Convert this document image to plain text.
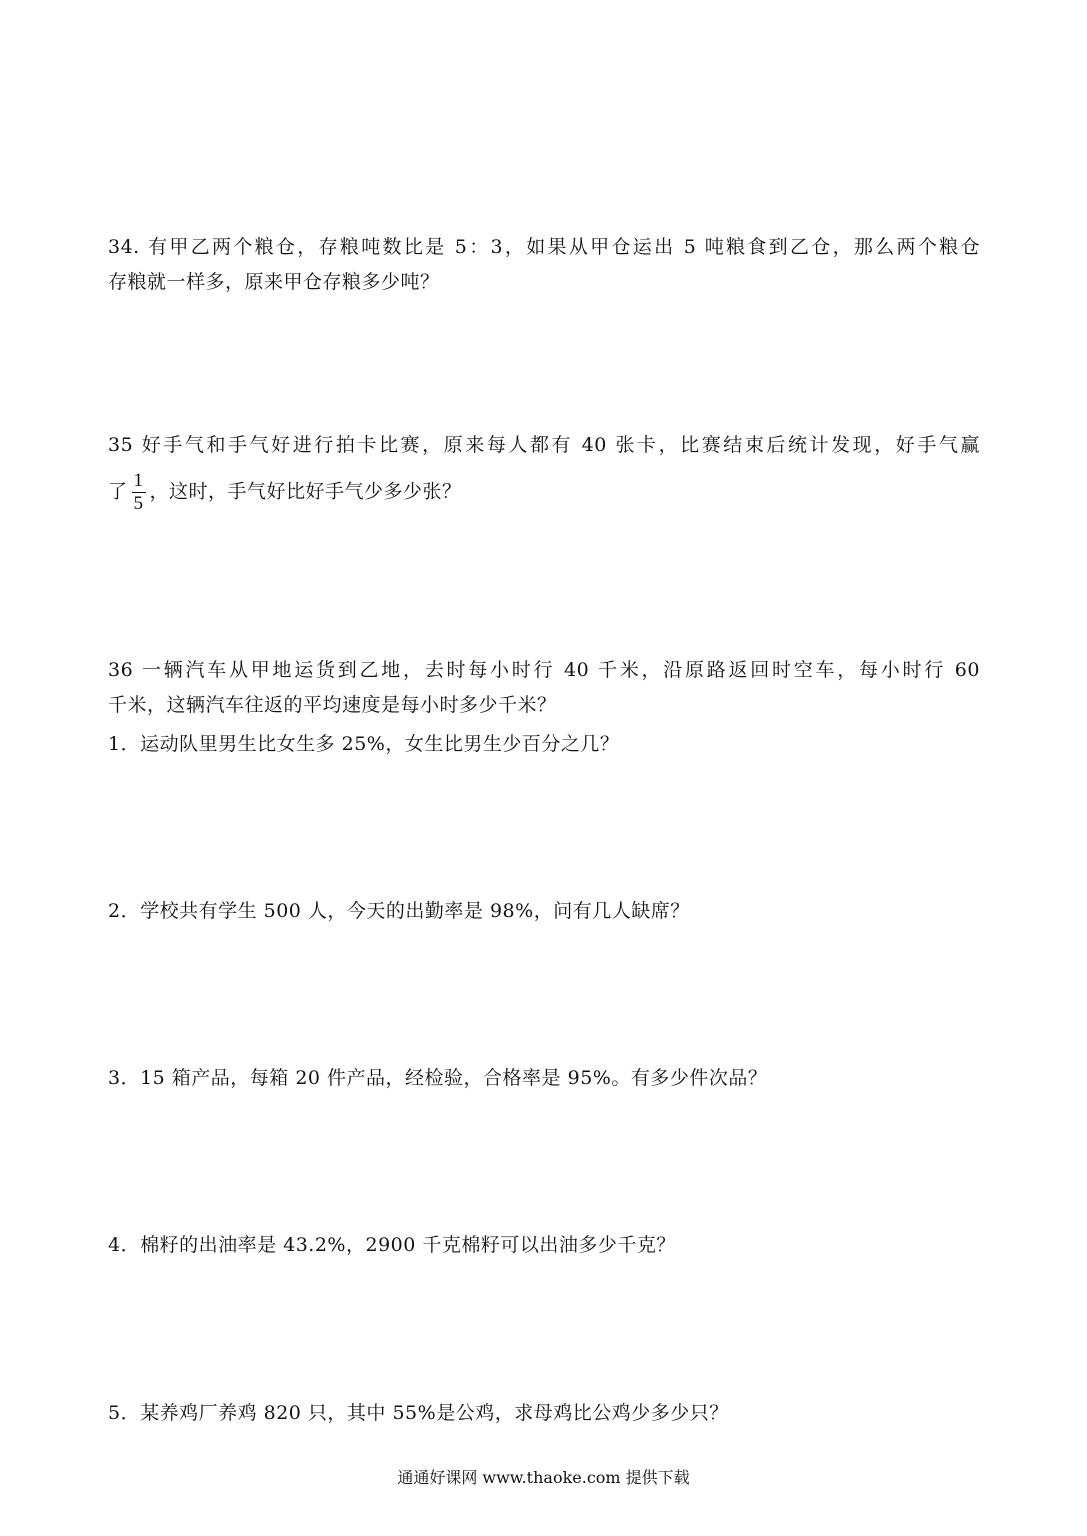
34. 有甲乙两个粮仓，存粮吨数比是 5：3，如果从甲仓运出 5 吨粮食到乙仓，那么两个粮仓
存粮就一样多，原来甲仓存粮多少吨？
35 好手气和手气好进行拍卡比赛，原来每人都有 40 张卡，比赛结束后统计发现，好手气赢
了 $\frac{1}{5}$ ，这时，手气好比好手气少多少张？
36 一辆汽车从甲地运货到乙地，去时每小时行 40 千米，沿原路返回时空车，每小时行 60
千米，这辆汽车往返的平均速度是每小时多少千米？
1．运动队里男生比女生多 25%，女生比男生少百分之几？
2．学校共有学生 500 人，今天的出勤率是 98%，问有几人缺席？
3．15 箱产品，每箱 20 件产品，经检验，合格率是 95%。有多少件次品？
4．棉籽的出油率是 43.2%，2900 千克棉籽可以出油多少千克？
5．某养鸡厂养鸡 820 只，其中 55%是公鸡，求母鸡比公鸡少多少只？
通通好课网 www.thaoke.com 提供下载
